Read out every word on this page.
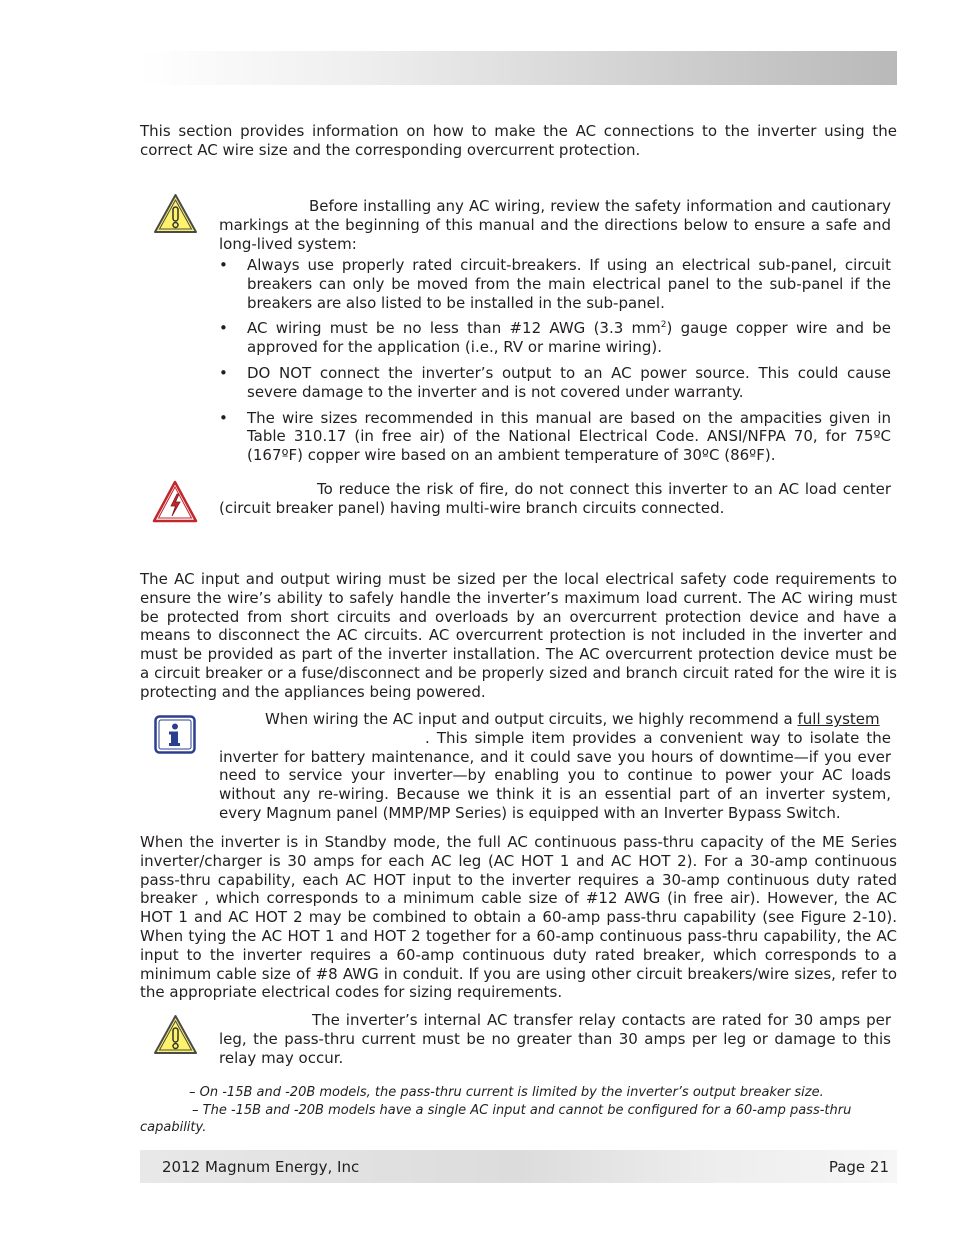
This section provides information on how to make the AC connections to the inverter using the correct AC wire size and the corresponding overcurrent protection.

Before installing any AC wiring, review the safety information and cautionary markings at the beginning of this manual and the directions below to ensure a safe and long-lived system:

• Always use properly rated circuit-breakers. If using an electrical sub-panel, circuit breakers can only be moved from the main electrical panel to the sub-panel if the breakers are also listed to be installed in the sub-panel.
• AC wiring must be no less than #12 AWG (3.3 $mm^2$) gauge copper wire and be approved for the application (i.e., RV or marine wiring).
• DO NOT connect the inverter’s output to an AC power source. This could cause severe damage to the inverter and is not covered under warranty.
• The wire sizes recommended in this manual are based on the ampacities given in Table 310.17 (in free air) of the National Electrical Code. ANSI/NFPA 70, for 75ºC (167ºF) copper wire based on an ambient temperature of 30ºC (86ºF).

To reduce the risk of fire, do not connect this inverter to an AC load center (circuit breaker panel) having multi-wire branch circuits connected.

The AC input and output wiring must be sized per the local electrical safety code requirements to ensure the wire’s ability to safely handle the inverter’s maximum load current. The AC wiring must be protected from short circuits and overloads by an overcurrent protection device and have a means to disconnect the AC circuits. AC overcurrent protection is not included in the inverter and must be provided as part of the inverter installation. The AC overcurrent protection device must be a circuit breaker or a fuse/disconnect and be properly sized and branch circuit rated for the wire it is protecting and the appliances being powered.

When wiring the AC input and output circuits, we highly recommend a full system
. This simple item provides a convenient way to isolate the inverter for battery maintenance, and it could save you hours of downtime—if you ever need to service your inverter—by enabling you to continue to power your AC loads without any re-wiring. Because we think it is an essential part of an inverter system, every Magnum panel (MMP/MP Series) is equipped with an Inverter Bypass Switch.

When the inverter is in Standby mode, the full AC continuous pass-thru capacity of the ME Series inverter/charger is 30 amps for each AC leg (AC HOT 1 and AC HOT 2). For a 30-amp continuous pass-thru capability, each AC HOT input to the inverter requires a 30-amp continuous duty rated breaker , which corresponds to a minimum cable size of #12 AWG (in free air). However, the AC HOT 1 and AC HOT 2 may be combined to obtain a 60-amp pass-thru capability (see Figure 2-10). When tying the AC HOT 1 and HOT 2 together for a 60-amp continuous pass-thru capability, the AC input to the inverter requires a 60-amp continuous duty rated breaker, which corresponds to a minimum cable size of #8 AWG in conduit. If you are using other circuit breakers/wire sizes, refer to the appropriate electrical codes for sizing requirements.

The inverter’s internal AC transfer relay contacts are rated for 30 amps per leg, the pass-thru current must be no greater than 30 amps per leg or damage to this relay may occur.

– On -15B and -20B models, the pass-thru current is limited by the inverter’s output breaker size.

– The -15B and -20B models have a single AC input and cannot be configured for a 60-amp pass-thru capability.

2012 Magnum Energy, Inc	Page 21
